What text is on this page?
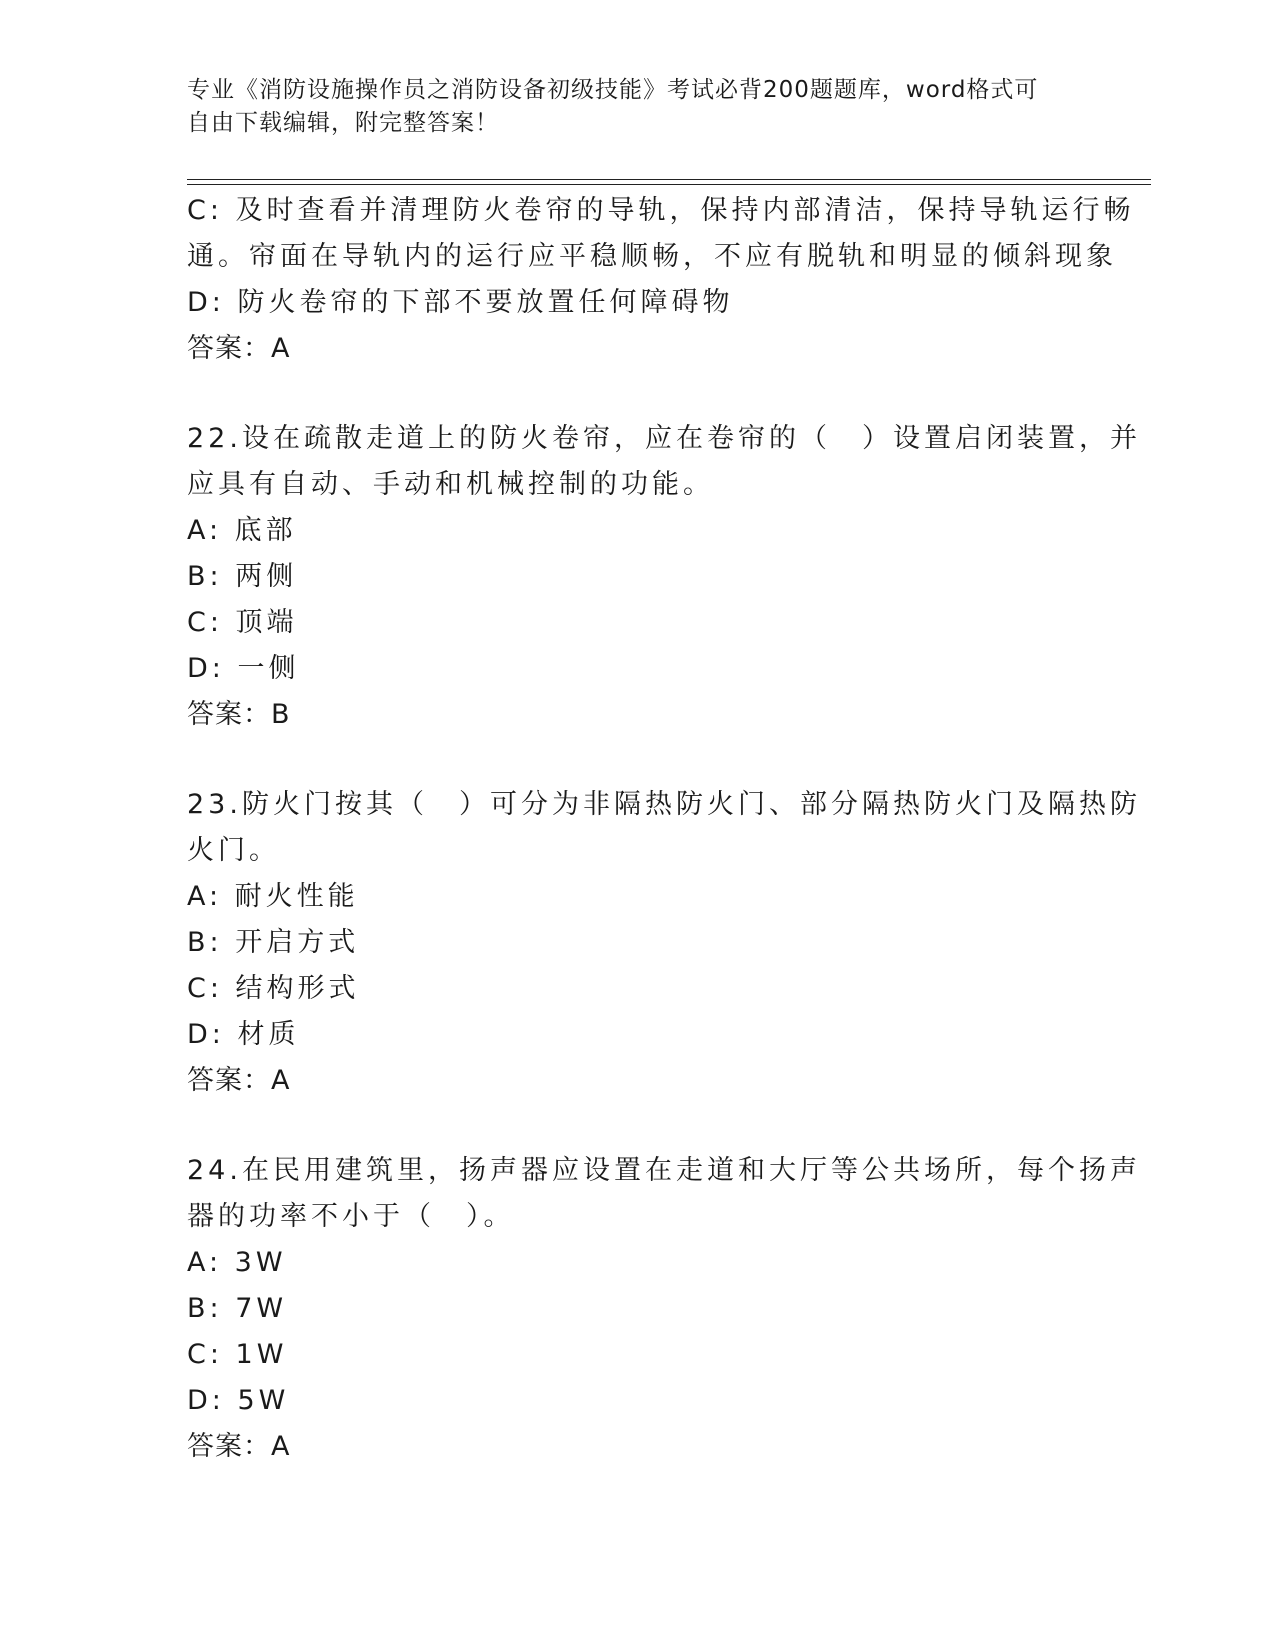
专业《消防设施操作员之消防设备初级技能》考试必背200题题库，word格式可
自由下载编辑，附完整答案！
C: 及时查看并清理防火卷帘的导轨，保持内部清洁，保持导轨运行畅
通。帘面在导轨内的运行应平稳顺畅，不应有脱轨和明显的倾斜现象
D: 防火卷帘的下部不要放置任何障碍物
答案：A
22.设在疏散走道上的防火卷帘，应在卷帘的（　）设置启闭装置，并
应具有自动、手动和机械控制的功能。
A: 底部
B: 两侧
C: 顶端
D: 一侧
答案：B
23.防火门按其（　）可分为非隔热防火门、部分隔热防火门及隔热防
火门。
A: 耐火性能
B: 开启方式
C: 结构形式
D: 材质
答案：A
24.在民用建筑里，扬声器应设置在走道和大厅等公共场所，每个扬声
器的功率不小于（　）。
A: 3W
B: 7W
C: 1W
D: 5W
答案：A
